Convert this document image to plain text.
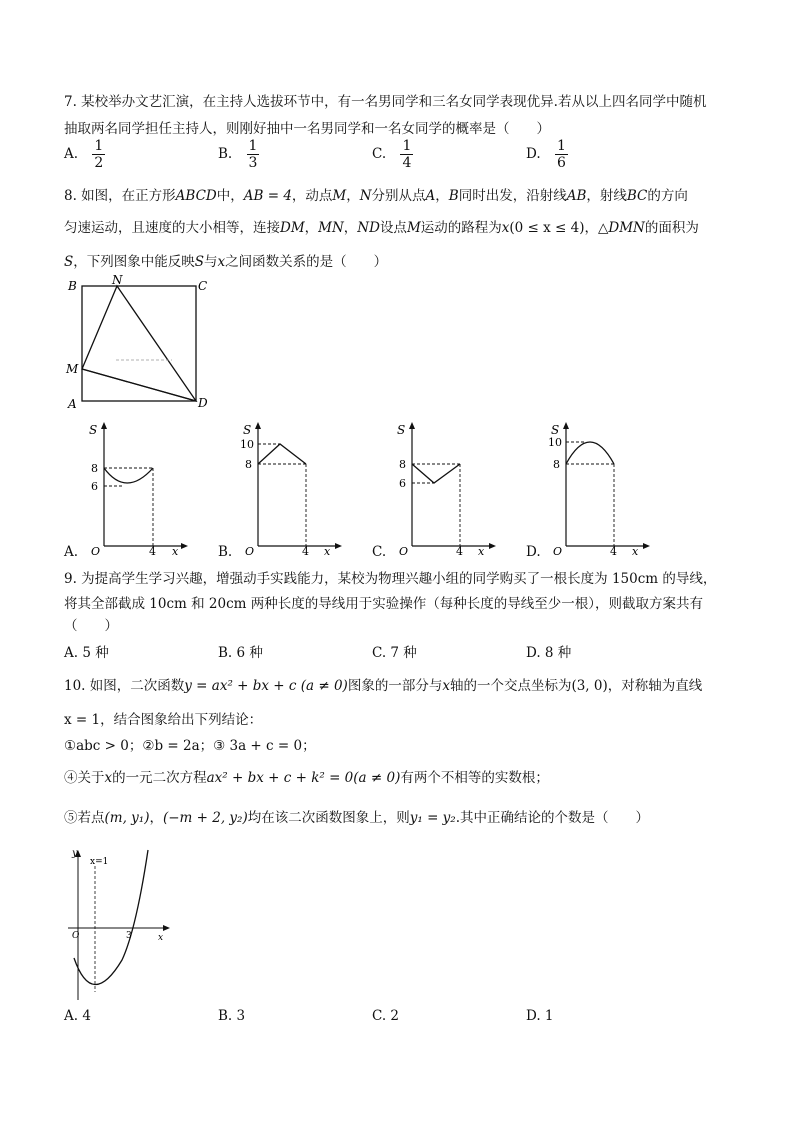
7. 某校举办文艺汇演，在主持人选拔环节中，有一名男同学和三名女同学表现优异.若从以上四名同学中随机
抽取两名同学担任主持人，则刚好抽中一名男同学和一名女同学的概率是（　　）
A. $\frac{1}{2}$	B. $\frac{1}{3}$	C. $\frac{1}{4}$	D. $\frac{1}{6}$
8. 如图，在正方形ABCD中，AB = 4，动点M，N分别从点A，B同时出发，沿射线AB，射线BC的方向
匀速运动，且速度的大小相等，连接DM，MN，ND设点M运动的路程为x(0 ≤ x ≤ 4)，△DMN的面积为
S，下列图象中能反映S与x之间函数关系的是（　　）
B	N	C
M
A	D
S
8
6
O	4 x
A.
S
10
8
O	4 x
B.
S
8
6
O	4 x
C.
S
10
8
O	4 x
D.
9. 为提高学生学习兴趣，增强动手实践能力，某校为物理兴趣小组的同学购买了一根长度为 150cm 的导线，
将其全部截成 10cm 和 20cm 两种长度的导线用于实验操作（每种长度的导线至少一根），则截取方案共有
（　　）
A. 5 种	B. 6 种	C. 7 种	D. 8 种
10. 如图，二次函数y = ax² + bx + c (a ≠ 0)图象的一部分与x轴的一个交点坐标为(3, 0)，对称轴为直线
x = 1，结合图象给出下列结论：
①abc > 0；②b = 2a；③ 3a + c = 0；
④关于x的一元二次方程ax² + bx + c + k² = 0(a ≠ 0)有两个不相等的实数根；
⑤若点(m, y₁)，(−m + 2, y₂)均在该二次函数图象上，则y₁ = y₂.其中正确结论的个数是（　　）
y
x=1
O	3	x
A. 4	B. 3	C. 2	D. 1
